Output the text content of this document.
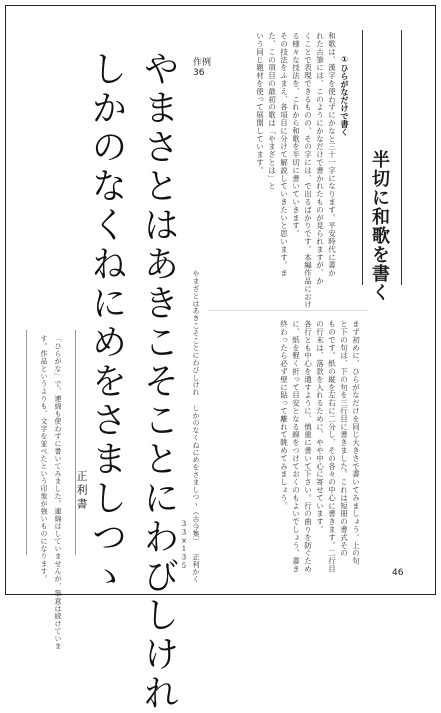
半切に和歌を書く
①ひらがなだけで書く
和歌は、漢字を使わずにかなと三十一字になります。平安時代に書か
れた古筆には、このようにかなだけで書かれたものが見られますが、か
くことで表現できるものの、その字には、で出るばかりです。本編作品におけ
る様々な技法を、これから和歌を半切に書いていきます。
その技法をふまえ、各項目に分けて解説していきたいと思います。ま
た、この項目の最初の歌は「やまざとは」と
いう同じ題材を使って展開しています。
まず初めに、ひらがなだけを同じ大きさで書いてみましょう。上の句
と下の句は、下の句を三行目に書きました。これは短冊の書式その
ものです。紙の縦を左右に二分し、その各々の中心に書きます。二行目
の行末は、落款を入れるために、やや中心に寄せています。
各行とも中心を通すように、慎重に書いて下さい。行の曲りを防ぐため
に、紙を軽く折って目安となる線をつけておくのもよいでしょう。書き
終わったら必ず壁に貼って離れて眺めてみましょう。
作例36
やまさとはあきこそことにわびしけれ
しかのなくねにめをさましつゝ
正利書	やまざとはあきこそことにわびしけれ しかのなくねにめをさましつゝ（古今集） 正利かく
33×135
「ひらがな」で、連綿も使わずに書いてみました。連綿はしていませんが、筆意は続けていま
す。作品というよりも、文字を並べたという印象が強いものになります。	46
